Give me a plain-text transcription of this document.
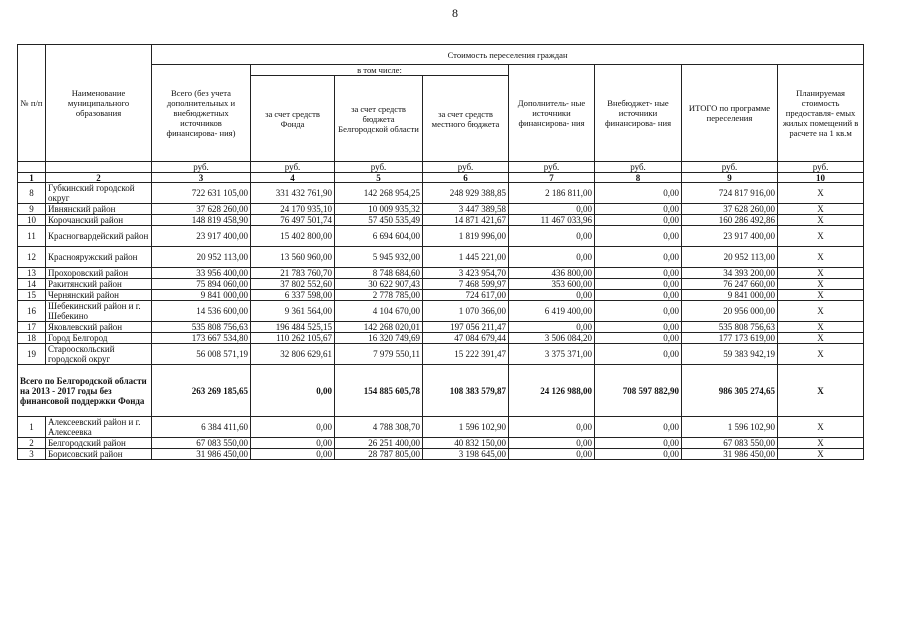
8
№ п/п	Наименование муниципального образования	Стоимость переселения граждан							
		Всего (без учета дополнительных и внебюджетных источников финансирова- ния)	в том числе:			Дополнитель- ные источники финансирова- ния	Внебюджет- ные источники финансирова- ния	ИТОГО по программе переселения	Планируемая стоимость предоставля- емых жилых помещений в расчете на 1 кв.м
			за счет средств Фонда	за счет средств бюджета Белгородской области	за счет средств местного бюджета				
		руб.	руб.	руб.	руб.	руб.	руб.	руб.	руб.
1	2	3	4	5	6	7	8	9	10
8	Губкинский городской округ	722 631 105,00	331 432 761,90	142 268 954,25	248 929 388,85	2 186 811,00	0,00	724 817 916,00	Х
9	Ивнянский район	37 628 260,00	24 170 935,10	10 009 935,32	3 447 389,58	0,00	0,00	37 628 260,00	Х
10	Корочанский район	148 819 458,90	76 497 501,74	57 450 535,49	14 871 421,67	11 467 033,96	0,00	160 286 492,86	Х
11	Красногвардейский район	23 917 400,00	15 402 800,00	6 694 604,00	1 819 996,00	0,00	0,00	23 917 400,00	Х
12	Краснояружский район	20 952 113,00	13 560 960,00	5 945 932,00	1 445 221,00	0,00	0,00	20 952 113,00	Х
13	Прохоровский район	33 956 400,00	21 783 760,70	8 748 684,60	3 423 954,70	436 800,00	0,00	34 393 200,00	Х
14	Ракитянский район	75 894 060,00	37 802 552,60	30 622 907,43	7 468 599,97	353 600,00	0,00	76 247 660,00	Х
15	Чернянский район	9 841 000,00	6 337 598,00	2 778 785,00	724 617,00	0,00	0,00	9 841 000,00	Х
16	Шебекинский район и г. Шебекино	14 536 600,00	9 361 564,00	4 104 670,00	1 070 366,00	6 419 400,00	0,00	20 956 000,00	Х
17	Яковлевский район	535 808 756,63	196 484 525,15	142 268 020,01	197 056 211,47	0,00	0,00	535 808 756,63	Х
18	Город Белгород	173 667 534,80	110 262 105,67	16 320 749,69	47 084 679,44	3 506 084,20	0,00	177 173 619,00	Х
19	Старооскольский городской округ	56 008 571,19	32 806 629,61	7 979 550,11	15 222 391,47	3 375 371,00	0,00	59 383 942,19	Х
Всего по Белгородской области на 2013 - 2017 годы без финансовой поддержки Фонда		263 269 185,65	0,00	154 885 605,78	108 383 579,87	24 126 988,00	708 597 882,90	986 305 274,65	Х
1	Алексеевский район и г. Алексеевка	6 384 411,60	0,00	4 788 308,70	1 596 102,90	0,00	0,00	1 596 102,90	Х
2	Белгородский район	67 083 550,00	0,00	26 251 400,00	40 832 150,00	0,00	0,00	67 083 550,00	Х
3	Борисовский район	31 986 450,00	0,00	28 787 805,00	3 198 645,00	0,00	0,00	31 986 450,00	Х
